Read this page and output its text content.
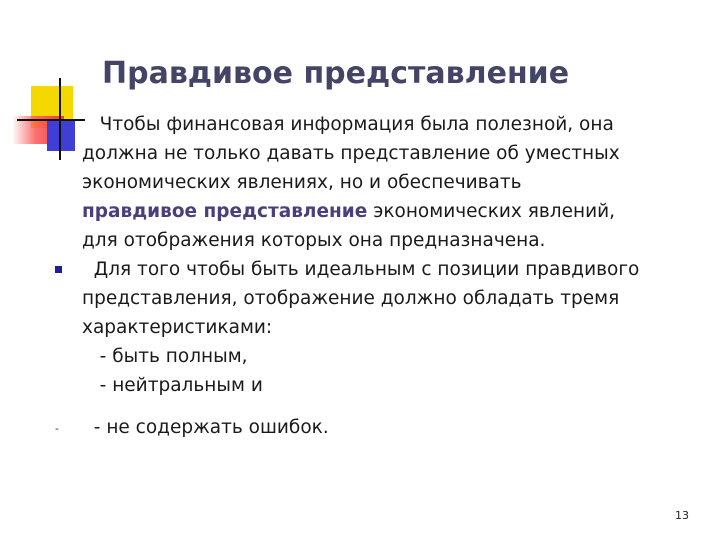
Правдивое представление
-

Чтобы финансовая информация была полезной, она

должна не только давать представление об уместных

экономических явлениях, но и обеспечивать

правдивое представление экономических явлений,

для отображения которых она предназначена.

Для того чтобы быть идеальным с позиции правдивого

представления, отображение должно обладать тремя

характеристиками:

- быть полным,

- нейтральным и

- не содержать ошибок.

13
